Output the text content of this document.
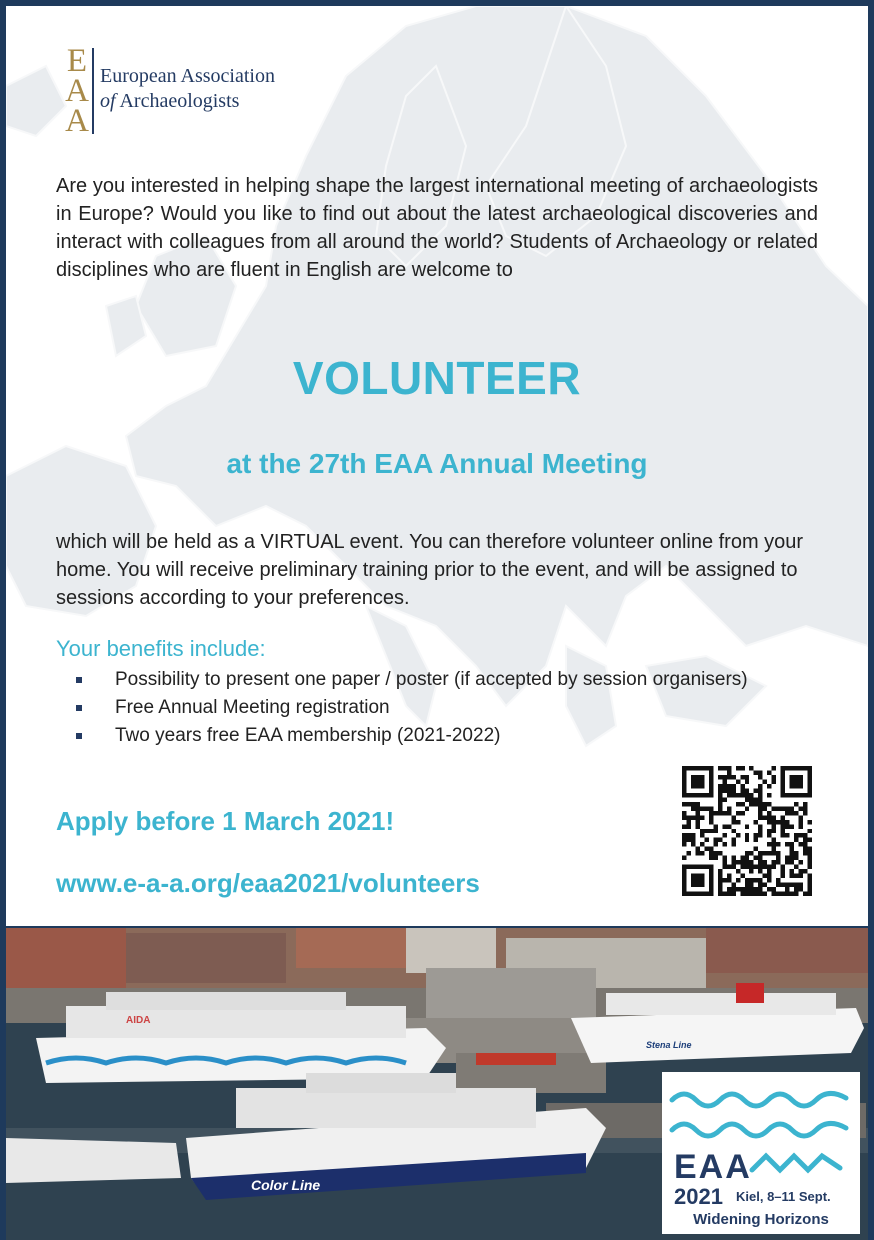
E
A
A
European Association
of Archaeologists
Are you interested in helping shape the largest international meeting of archaeologists in Europe? Would you like to find out about the latest archaeological discoveries and interact with colleagues from all around the world? Students of Archaeology or related disciplines who are fluent in English are welcome to
VOLUNTEER
at the 27th EAA Annual Meeting
which will be held as a VIRTUAL event. You can therefore volunteer online from your home. You will receive preliminary training prior to the event, and will be assigned to sessions according to your preferences.
Your benefits include:
Possibility to present one paper / poster (if accepted by session organisers)
Free Annual Meeting registration
Two years free EAA membership (2021-2022)
Apply before 1 March 2021!
www.e-a-a.org/eaa2021/volunteers
AIDA
Stena Line
Color Line	EAA
2021 Kiel, 8–11 Sept.
Widening Horizons
